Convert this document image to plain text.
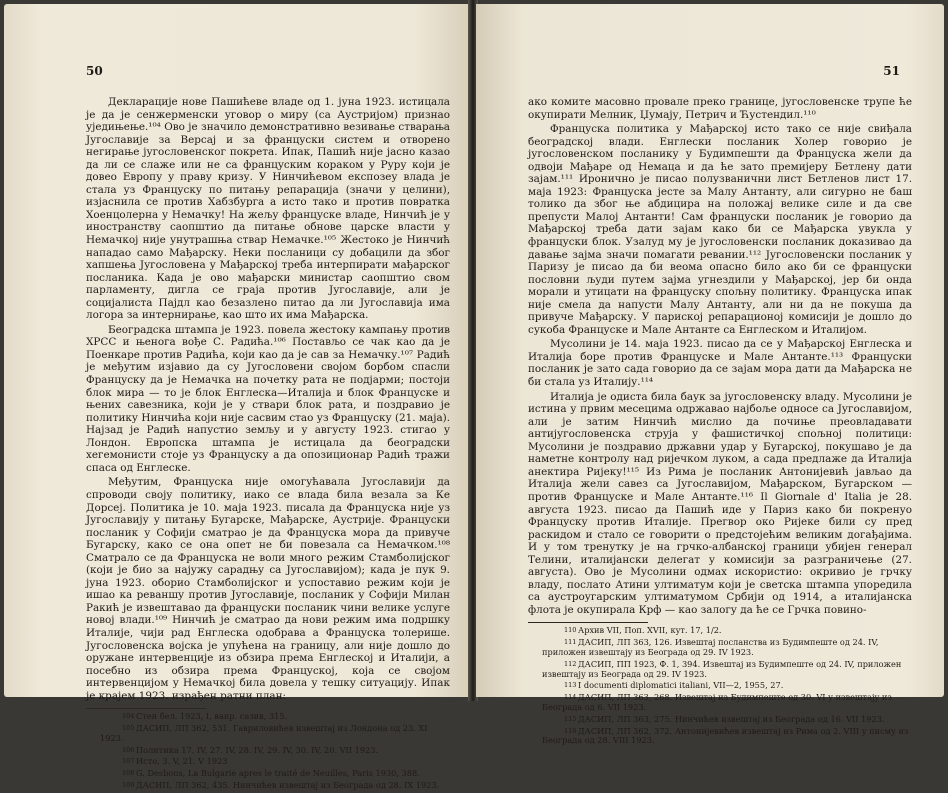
50

Декларације нове Пашићеве владе од 1. јуна 1923. истицала је да је сенжерменски уговор о миру (са Аустријом) признао уједињење.¹⁰⁴ Ово је значило демонстративно везивање стварања Југославије за Версај и за француски систем и отворено негирање југословенског покрета. Ипак, Пашић није јасно казао да ли се слаже или не са француским кораком у Руру који је довео Европу у праву кризу. У Нинчићевом експозеу влада је стала уз Француску по питању репарација (значи у целини), изјаснила се против Хабзбурга а исто тако и против повратка Хоенцолерна у Немачку! На жељу француске владе, Нинчић је у иностранству саопштио да питање обнове царске власти у Немачкој није унутрашња ствар Немачке.¹⁰⁵ Жестоко је Нинчић нападао само Мађарску. Неки посланици су добацили да због хапшења Југословена у Мађарској треба интерпирати мађарског посланика. Када је ово мађарски министар саопштио свом парламенту, дигла се граја против Југославије, али је социјалиста Пајдл као безазлено питао да ли Југославија има логора за интернирање, као што их има Мађарска.

Београдска штампа је 1923. повела жестоку кампању против ХРСС и њенога вође С. Радића.¹⁰⁶ Постављо се чак као да је Поенкаре против Радића, који као да је сав за Немачку.¹⁰⁷ Радић је међутим изјавио да су Југословени својом борбом спасли Француску да је Немачка на почетку рата не подјарми; постоји блок мира — то је блок Енглеска—Италија и блок Француске и њених савезника, који је у ствари блок рата, и поздравио је политику Нинчића који није сасвим стао уз Француску (21. маја). Најзад је Радић напустио земљу и у августу 1923. стигао у Лондон. Европска штампа је истицала да београдски хегемонисти стоје уз Француску а да опозиционар Радић тражи спаса од Енглеске.

Међутим, Француска није омогућавала Југославији да спроводи своју политику, иако се влада била везала за Ке Дорсеј. Политика је 10. маја 1923. писала да Француска није уз Југославију у питању Бугарске, Мађарске, Аустрије. Француски посланик у Софији сматрао је да Француска мора да привуче Бугарску, како се она опет не би повезала са Немачком.¹⁰⁸ Сматрало се да Француска не воли много режим Стамболијског (који је био за најужу сарадњу са Југославијом); када је пук 9. јуна 1923. оборио Стамболијског и успоставио режим који је ишао ка реваншу против Југославије, посланик у Софији Милан Ракић је извештавао да француски посланик чини велике услуге новој влади.¹⁰⁹ Нинчић је сматрао да нови режим има подршку Италије, чији рад Енглеска одобрава а Француска толерише. Југословенска војска је упућена на границу, али није дошло до оружане интервенције из обзира према Енглеској и Италији, а посебно из обзира према Француској, која се својом интервенцијом у Немачкој била довела у тешку ситуацију. Ипак је крајем 1923. израђен ратни план:

104 Стен бел. 1923, I, ванр. сазив, 315.

105 ДАСИП, ЛП 362, 531. Гавриловићев извештај из Лондона од 23. XI 1923.

106 Политика 17. IV, 27. IV, 28. IV, 29. IV, 30. IV, 20. VII 1923.

107 Исто, 3. V, 21. V 1923

108 G. Desbons, La Bulgarie apres le traité de Neuilles, Paris 1930, 388.

109 ДАСИП, ЛП 362, 435. Нинчићев извештај из Београда од 28. IX 1923.

51

ако комите масовно провале преко границе, југословенске трупе ће окупирати Мелник, Џумају, Петрич и Ћустендил.¹¹⁰

Француска политика у Мађарској исто тако се није свиђала београдској влади. Енглески посланик Холер говорио је југословенском посланику у Будимпешти да Француска жели да одвоји Мађаре од Немаца и да ће зато премијеру Бетлену дати зајам.¹¹¹ Иронично је писао полузванични лист Бетленов лист 17. маја 1923: Француска јесте за Малу Антанту, али сигурно не баш толико да због ње абдицира на положај велике силе и да све препусти Малој Антанти! Сам француски посланик је говорио да Мађарској треба дати зајам како би се Мађарска увукла у француски блок. Узалуд му је југословенски посланик доказивао да давање зајма значи помагати ревании.¹¹² Југословенски посланик у Паризу је писао да би веома опасно било ако би се француски пословни људи путем зајма угнездили у Мађарској, јер би онда морали и утицати на француску спољну политику. Француска ипак није смела да напусти Малу Антанту, али ни да не покуша да привуче Мађарску. У париској репарационој комисији је дошло до сукоба Француске и Мале Антанте са Енглеском и Италијом.

Мусолини је 14. маја 1923. писао да се у Мађарској Енглеска и Италија боре против Француске и Мале Антанте.¹¹³ Француски посланик је зато сада говорио да се зајам мора дати да Мађарска не би стала уз Италију.¹¹⁴

Италија је одиста била баук за југословенску владу. Мусолини је истина у првим месецима одржавао најбоље односе са Југославијом, али је затим Нинчић мислио да почиње преовладавати антијугословенска струја у фашистичкој спољној политици: Мусолини је поздравио државни удар у Бугарској, покушаво је да наметне контролу над ријечком луком, а сада предлаже да Италија анектира Ријеку!¹¹⁵ Из Рима је посланик Антонијевић јављао да Италија жели савез са Југославијом, Мађарском, Бугарском — против Француске и Мале Антанте.¹¹⁶ Il Giornale d' Italia је 28. августа 1923. писао да Пашић иде у Париз како би покренуо Француску против Италије. Прегвор око Ријеке били су пред раскидом и стало се говорити о предстојећим великим догађајима. И у том тренутку је на грчко-албанској граници убијен генерал Телини, италијански делегат у комисији за разграничење (27. августа). Ово је Мусолини одмах искористио: окривио је грчку владу, послато Атини ултиматум који је светска штампа упоредила са аустроугарским ултиматумом Србији од 1914, а италијанска флота је окупирала Крф — као залогу да ће се Грчка повино-

110 Архив VII, Поп. XVII, кут. 17, 1/2.

111 ДАСИП, ЛП 363, 126. Извештај посланства из Будимпеште од 24. IV, приложен извештају из Београда од 29. IV 1923.

112 ДАСИП, ПП 1923, Ф. 1, 394. Извештај из Будимпеште од 24. IV, приложен извештају из Београда од 29. IV 1923.

113 I documenti diplomatici italiani, VII—2, 1955, 27.

114 ДАСИП, ЛП 363, 268. Извештај из Будимпеште од 30. VI у извештају из Београда од 6. VII 1923.

115 ДАСИП, ЛП 363, 275. Нинчићев извештај из Београда од 16. VII 1923.

116 ДАСИП, ЛП 362, 372. Антонијевићев извештај из Рима од 2. VIII у писму из Београда од 28. VIII 1923.
